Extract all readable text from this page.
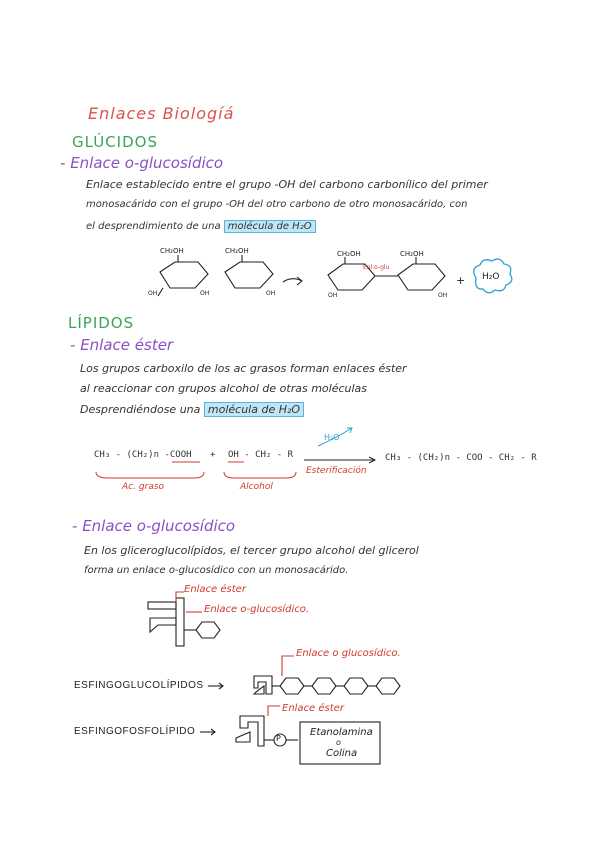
Enlaces Biologíá
GLÚCIDOS
- Enlace o-glucosídico
Enlace establecido entre el grupo -OH del carbono carbonílico del primer
monosacárido con el grupo -OH del otro carbono de otro monosacárido, con
el desprendimiento de una molécula de H₂O
CH₂OH	CH₂OH	CH₂OH	CH₂OH
OH	OH	OH	OH	OH
Enl.o-glu
+ H₂O
LÍPIDOS
- Enlace éster
Los grupos carboxilo de los ac grasos forman enlaces éster
al reaccionar con grupos alcohol de otras moléculas
Desprendiéndose una molécula de H₂O
CH₃ - (CH₂)n -COOH + OH - CH₂ - R
H₂O
Esterificación
CH₃ - (CH₂)n - COO - CH₂ - R
Ac. graso	Alcohol
- Enlace o-glucosídico
En los gliceroglucolípidos, el tercer grupo alcohol del glicerol
forma un enlace o-glucosídico con un monosacárido.
Enlace éster
Enlace o-glucosídico.
ESFINGOGLUCOLÍPIDOS
ESFINGOFOSFOLÍPIDO
Enlace o glucosídico.
Enlace éster
P
Etanolamina
o
Colina
